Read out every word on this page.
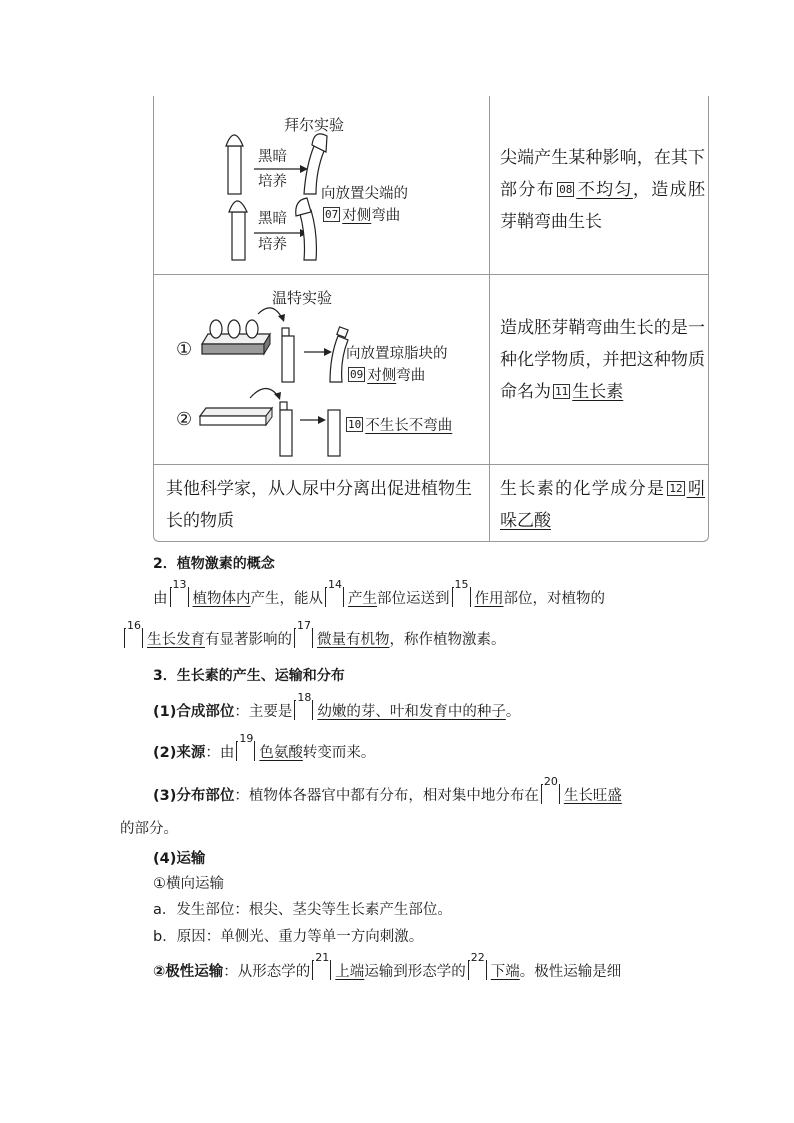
拜尔实验
黑暗
培养
黑暗
培养
向放置尖端的
07 对侧弯曲
尖端产生某种影响，在其下部分布 08 不均匀，造成胚芽鞘弯曲生长
温特实验
①
②
向放置琼脂块的
09 对侧弯曲
10 不生长不弯曲
造成胚芽鞘弯曲生长的是一种化学物质，并把这种物质命名为 11 生长素
其他科学家，从人尿中分离出促进植物生长的物质
生长素的化学成分是 12 吲哚乙酸
2．植物激素的概念
由
13
植物体内产生，能从
14
产生部位运送到
15
作用部位，对植物的
16
生长发育有显著影响的
17
微量有机物，称作植物激素。
3．生长素的产生、运输和分布
(1)合成部位：主要是
18
幼嫩的芽、叶和发育中的种子。
(2)来源：由
19
色氨酸转变而来。
(3)分布部位：植物体各器官中都有分布，相对集中地分布在
20
生长旺盛
的部分。
(4)运输
①横向运输
a．发生部位：根尖、茎尖等生长素产生部位。
b．原因：单侧光、重力等单一方向刺激。
②极性运输：从形态学的
21
上端运输到形态学的
22
下端。极性运输是细
